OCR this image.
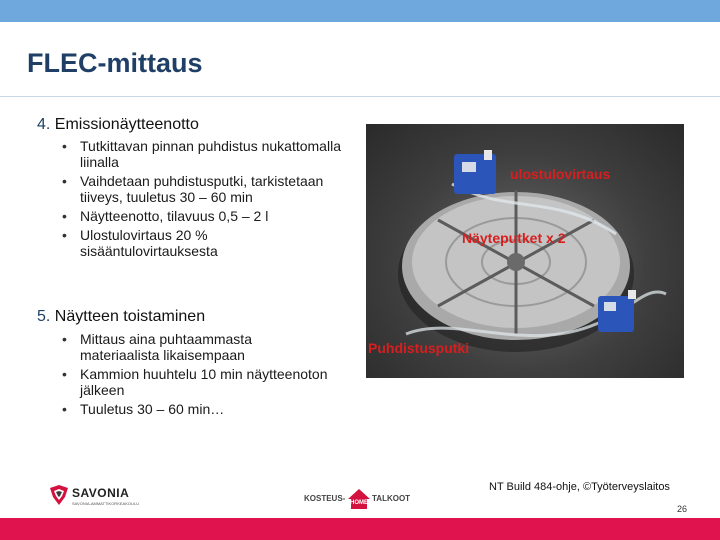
FLEC-mittaus
4. Emissionäytteenotto
• Tutkittavan pinnan puhdistus nukattomalla liinalla
• Vaihdetaan puhdistusputki, tarkistetaan tiiveys, tuuletus 30 – 60 min
• Näytteenotto, tilavuus 0,5 – 2 l
• Ulostulovirtaus 20 % sisääntulovirtauksesta
5. Näytteen toistaminen
• Mittaus aina puhtaammasta materiaalista likaisempaan
• Kammion huuhtelu 10 min näytteenoton jälkeen
• Tuuletus 30 – 60 min…
ulostulovirtaus
Näyteputket x 2
Puhdistusputki
SAVONIA
SAVONIA-AMMATTIKORKEAKOULU
KOSTEUS- HOME TALKOOT
NT Build 484-ohje, ©Työterveyslaitos
26
